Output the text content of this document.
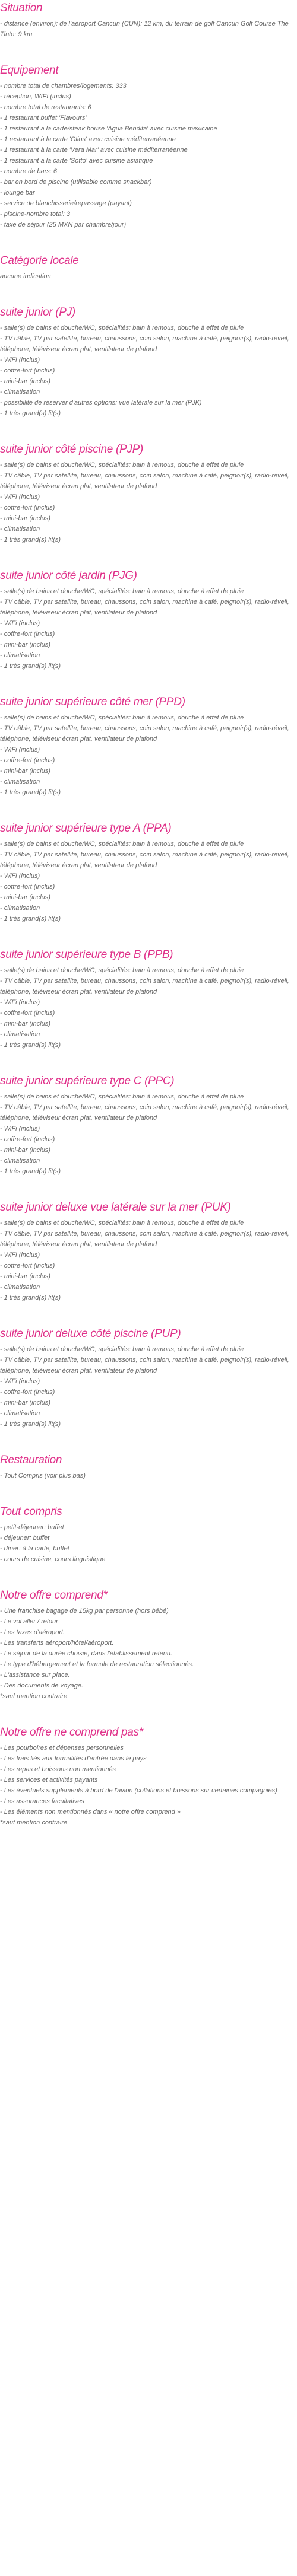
Situation
- distance (environ): de l'aéroport Cancun (CUN): 12 km, du terrain de golf Cancun Golf Course The Tinto: 9 km
Equipement
- nombre total de chambres/logements: 333
- réception, WIFI (inclus)
- nombre total de restaurants: 6
- 1 restaurant buffet 'Flavours'
- 1 restaurant à la carte/steak house 'Agua Bendita' avec cuisine mexicaine
- 1 restaurant à la carte 'Olios' avec cuisine méditerranéenne
- 1 restaurant à la carte 'Vera Mar' avec cuisine méditerranéenne
- 1 restaurant à la carte 'Sotto' avec cuisine asiatique
- nombre de bars: 6
- bar en bord de piscine (utilisable comme snackbar)
- lounge bar
- service de blanchisserie/repassage (payant)
- piscine-nombre total: 3
- taxe de séjour (25 MXN par chambre/jour)
Catégorie locale
aucune indication
suite junior (PJ)
- salle(s) de bains et douche/WC, spécialités: bain à remous, douche à effet de pluie
- TV câble, TV par satellite, bureau, chaussons, coin salon, machine à café, peignoir(s), radio-réveil, téléphone, téléviseur écran plat, ventilateur de plafond
- WiFi (inclus)
- coffre-fort (inclus)
- mini-bar (inclus)
- climatisation
- possibilité de réserver d'autres options: vue latérale sur la mer (PJK)
- 1 très grand(s) lit(s)
suite junior côté piscine (PJP)
- salle(s) de bains et douche/WC, spécialités: bain à remous, douche à effet de pluie
- TV câble, TV par satellite, bureau, chaussons, coin salon, machine à café, peignoir(s), radio-réveil, téléphone, téléviseur écran plat, ventilateur de plafond
- WiFi (inclus)
- coffre-fort (inclus)
- mini-bar (inclus)
- climatisation
- 1 très grand(s) lit(s)
suite junior côté jardin (PJG)
- salle(s) de bains et douche/WC, spécialités: bain à remous, douche à effet de pluie
- TV câble, TV par satellite, bureau, chaussons, coin salon, machine à café, peignoir(s), radio-réveil, téléphone, téléviseur écran plat, ventilateur de plafond
- WiFi (inclus)
- coffre-fort (inclus)
- mini-bar (inclus)
- climatisation
- 1 très grand(s) lit(s)
suite junior supérieure côté mer (PPD)
- salle(s) de bains et douche/WC, spécialités: bain à remous, douche à effet de pluie
- TV câble, TV par satellite, bureau, chaussons, coin salon, machine à café, peignoir(s), radio-réveil, téléphone, téléviseur écran plat, ventilateur de plafond
- WiFi (inclus)
- coffre-fort (inclus)
- mini-bar (inclus)
- climatisation
- 1 très grand(s) lit(s)
suite junior supérieure type A (PPA)
- salle(s) de bains et douche/WC, spécialités: bain à remous, douche à effet de pluie
- TV câble, TV par satellite, bureau, chaussons, coin salon, machine à café, peignoir(s), radio-réveil, téléphone, téléviseur écran plat, ventilateur de plafond
- WiFi (inclus)
- coffre-fort (inclus)
- mini-bar (inclus)
- climatisation
- 1 très grand(s) lit(s)
suite junior supérieure type B (PPB)
- salle(s) de bains et douche/WC, spécialités: bain à remous, douche à effet de pluie
- TV câble, TV par satellite, bureau, chaussons, coin salon, machine à café, peignoir(s), radio-réveil, téléphone, téléviseur écran plat, ventilateur de plafond
- WiFi (inclus)
- coffre-fort (inclus)
- mini-bar (inclus)
- climatisation
- 1 très grand(s) lit(s)
suite junior supérieure type C (PPC)
- salle(s) de bains et douche/WC, spécialités: bain à remous, douche à effet de pluie
- TV câble, TV par satellite, bureau, chaussons, coin salon, machine à café, peignoir(s), radio-réveil, téléphone, téléviseur écran plat, ventilateur de plafond
- WiFi (inclus)
- coffre-fort (inclus)
- mini-bar (inclus)
- climatisation
- 1 très grand(s) lit(s)
suite junior deluxe vue latérale sur la mer (PUK)
- salle(s) de bains et douche/WC, spécialités: bain à remous, douche à effet de pluie
- TV câble, TV par satellite, bureau, chaussons, coin salon, machine à café, peignoir(s), radio-réveil, téléphone, téléviseur écran plat, ventilateur de plafond
- WiFi (inclus)
- coffre-fort (inclus)
- mini-bar (inclus)
- climatisation
- 1 très grand(s) lit(s)
suite junior deluxe côté piscine (PUP)
- salle(s) de bains et douche/WC, spécialités: bain à remous, douche à effet de pluie
- TV câble, TV par satellite, bureau, chaussons, coin salon, machine à café, peignoir(s), radio-réveil, téléphone, téléviseur écran plat, ventilateur de plafond
- WiFi (inclus)
- coffre-fort (inclus)
- mini-bar (inclus)
- climatisation
- 1 très grand(s) lit(s)
Restauration
- Tout Compris (voir plus bas)
Tout compris
- petit-déjeuner: buffet
- déjeuner: buffet
- dîner: à la carte, buffet
- cours de cuisine, cours linguistique
Notre offre comprend*
- Une franchise bagage de 15kg par personne (hors bébé)
- Le vol aller / retour
- Les taxes d'aéroport.
- Les transferts aéroport/hôtel/aéroport.
- Le séjour de la durée choisie, dans l'établissement retenu.
- Le type d'hébergement et la formule de restauration sélectionnés.
- L'assistance sur place.
- Des documents de voyage.
*sauf mention contraire
Notre offre ne comprend pas*
- Les pourboires et dépenses personnelles
- Les frais liés aux formalités d'entrée dans le pays
- Les repas et boissons non mentionnés
- Les services et activités payants
- Les éventuels suppléments à bord de l'avion (collations et boissons sur certaines compagnies)
- Les assurances facultatives
- Les éléments non mentionnés dans « notre offre comprend »
*sauf mention contraire
